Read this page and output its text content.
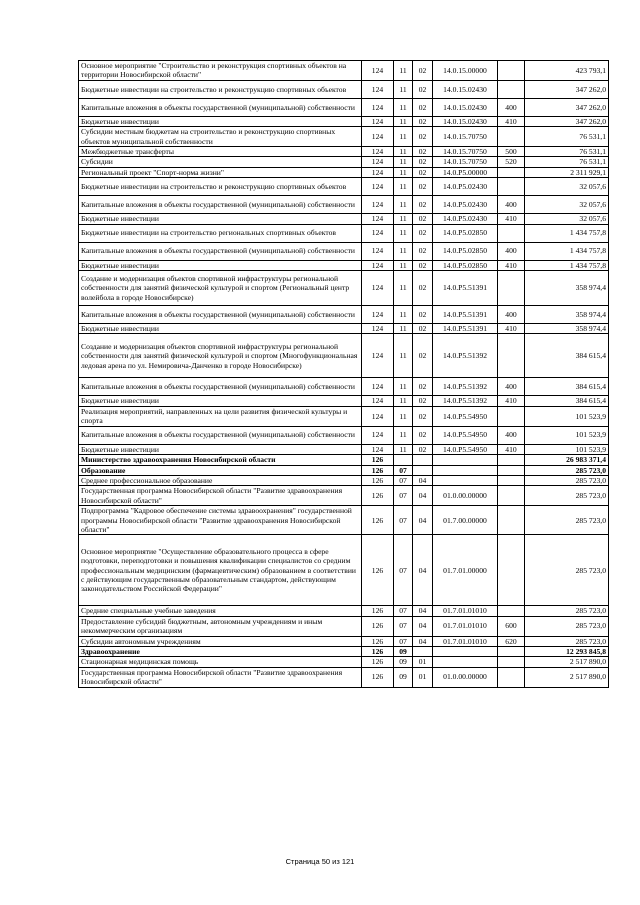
Основное мероприятие "Строительство и реконструкция спортивных объектов на территории Новосибирской области"	124	11	02	14.0.15.00000		423 793,1
Бюджетные инвестиции на строительство и реконструкцию спортивных объектов	124	11	02	14.0.15.02430		347 262,0
Капитальные вложения в объекты государственной (муниципальной) собственности	124	11	02	14.0.15.02430	400	347 262,0
Бюджетные инвестиции	124	11	02	14.0.15.02430	410	347 262,0
Субсидии местным бюджетам на строительство и реконструкцию спортивных объектов муниципальной собственности	124	11	02	14.0.15.70750		76 531,1
Межбюджетные трансферты	124	11	02	14.0.15.70750	500	76 531,1
Субсидии	124	11	02	14.0.15.70750	520	76 531,1
Региональный проект "Спорт-норма жизни"	124	11	02	14.0.P5.00000		2 311 929,1
Бюджетные инвестиции на строительство и реконструкцию спортивных объектов	124	11	02	14.0.P5.02430		32 057,6
Капитальные вложения в объекты государственной (муниципальной) собственности	124	11	02	14.0.P5.02430	400	32 057,6
Бюджетные инвестиции	124	11	02	14.0.P5.02430	410	32 057,6
Бюджетные инвестиции на строительство региональных спортивных объектов	124	11	02	14.0.P5.02850		1 434 757,8
Капитальные вложения в объекты государственной (муниципальной) собственности	124	11	02	14.0.P5.02850	400	1 434 757,8
Бюджетные инвестиции	124	11	02	14.0.P5.02850	410	1 434 757,8
Создание и модернизация объектов спортивной инфраструктуры региональной собственности для занятий физической культурой и спортом (Региональный центр волейбола в городе Новосибирске)	124	11	02	14.0.P5.51391		358 974,4
Капитальные вложения в объекты государственной (муниципальной) собственности	124	11	02	14.0.P5.51391	400	358 974,4
Бюджетные инвестиции	124	11	02	14.0.P5.51391	410	358 974,4
Создание и модернизация объектов спортивной инфраструктуры региональной собственности для занятий физической культурой и спортом (Многофункциональная ледовая арена по ул. Немировича-Данченко в городе Новосибирске)	124	11	02	14.0.P5.51392		384 615,4
Капитальные вложения в объекты государственной (муниципальной) собственности	124	11	02	14.0.P5.51392	400	384 615,4
Бюджетные инвестиции	124	11	02	14.0.P5.51392	410	384 615,4
Реализация мероприятий, направленных на цели развития физической культуры и спорта	124	11	02	14.0.P5.54950		101 523,9
Капитальные вложения в объекты государственной (муниципальной) собственности	124	11	02	14.0.P5.54950	400	101 523,9
Бюджетные инвестиции	124	11	02	14.0.P5.54950	410	101 523,9
Министерство здравоохранения Новосибирской области	126					26 983 371,4
Образование	126	07				285 723,0
Среднее профессиональное образование	126	07	04			285 723,0
Государственная программа Новосибирской области "Развитие здравоохранения Новосибирской области"	126	07	04	01.0.00.00000		285 723,0
Подпрограмма "Кадровое обеспечение системы здравоохранения" государственной программы Новосибирской области "Развитие здравоохранения Новосибирской области"	126	07	04	01.7.00.00000		285 723,0
Основное мероприятие "Осуществление образовательного процесса в сфере подготовки, переподготовки и повышения квалификации специалистов со средним профессиональным медицинским (фармацевтическим) образованием в соответствии с действующим государственным образовательным стандартом, действующим законодательством Российской Федерации"	126	07	04	01.7.01.00000		285 723,0
Средние специальные учебные заведения	126	07	04	01.7.01.01010		285 723,0
Предоставление субсидий бюджетным, автономным учреждениям и иным некоммерческим организациям	126	07	04	01.7.01.01010	600	285 723,0
Субсидии автономным учреждениям	126	07	04	01.7.01.01010	620	285 723,0
Здравоохранение	126	09				12 293 845,8
Стационарная медицинская помощь	126	09	01			2 517 890,0
Государственная программа Новосибирской области "Развитие здравоохранения Новосибирской области"	126	09	01	01.0.00.00000		2 517 890,0
Страница 50 из 121
